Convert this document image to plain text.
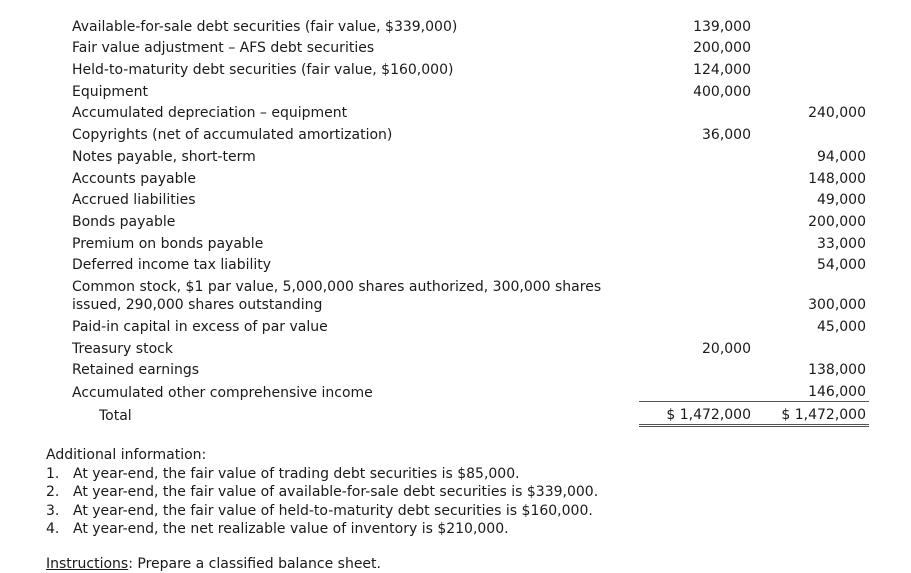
Available-for-sale debt securities (fair value, $339,000)	139,000	
Fair value adjustment – AFS debt securities	200,000	
Held-to-maturity debt securities (fair value, $160,000)	124,000	
Equipment	400,000	
Accumulated depreciation – equipment		240,000
Copyrights (net of accumulated amortization)	36,000	
Notes payable, short-term		94,000
Accounts payable		148,000
Accrued liabilities		49,000
Bonds payable		200,000
Premium on bonds payable		33,000
Deferred income tax liability		54,000
Common stock, $1 par value, 5,000,000 shares authorized, 300,000 shares issued, 290,000 shares outstanding		300,000
Paid-in capital in excess of par value		45,000
Treasury stock	20,000	
Retained earnings		138,000
Accumulated other comprehensive income		146,000
Total	$ 1,472,000	$ 1,472,000
Additional information:
1. At year-end, the fair value of trading debt securities is $85,000.
2. At year-end, the fair value of available-for-sale debt securities is $339,000.
3. At year-end, the fair value of held-to-maturity debt securities is $160,000.
4. At year-end, the net realizable value of inventory is $210,000.
Instructions: Prepare a classified balance sheet.
